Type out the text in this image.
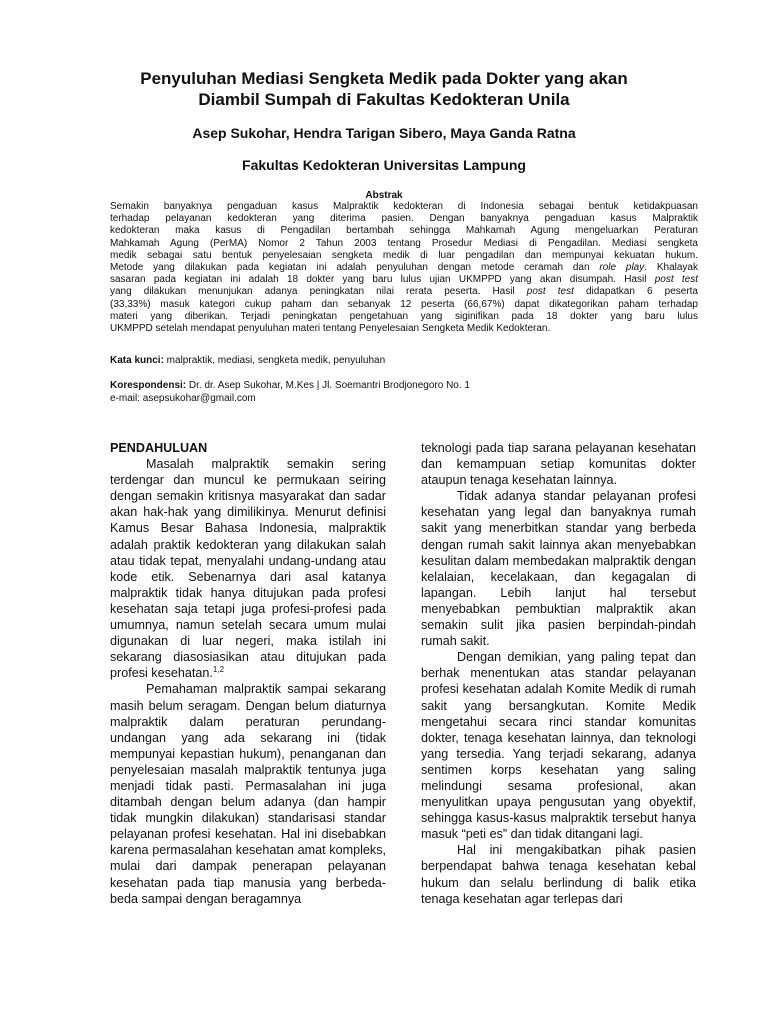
Penyuluhan Mediasi Sengketa Medik pada Dokter yang akan
Diambil Sumpah di Fakultas Kedokteran Unila
Asep Sukohar, Hendra Tarigan Sibero, Maya Ganda Ratna
Fakultas Kedokteran Universitas Lampung
Abstrak
Semakin banyaknya pengaduan kasus Malpraktik kedokteran di Indonesia sebagai bentuk ketidakpuasan
terhadap pelayanan kedokteran yang diterima pasien. Dengan banyaknya pengaduan kasus Malpraktik
kedokteran maka kasus di Pengadilan bertambah sehingga Mahkamah Agung mengeluarkan Peraturan
Mahkamah Agung (PerMA) Nomor 2 Tahun 2003 tentang Prosedur Mediasi di Pengadilan. Mediasi sengketa
medik sebagai satu bentuk penyelesaian sengketa medik di luar pengadilan dan mempunyai kekuatan hukum.
Metode yang dilakukan pada kegiatan ini adalah penyuluhan dengan metode ceramah dan role play. Khalayak
sasaran pada kegiatan ini adalah 18 dokter yang baru lulus ujian UKMPPD yang akan disumpah. Hasil post test
yang dilakukan menunjukan adanya peningkatan nilai rerata peserta. Hasil post test didapatkan 6 peserta
(33,33%) masuk kategori cukup paham dan sebanyak 12 peserta (66,67%) dapat dikategorikan paham terhadap
materi yang diberikan. Terjadi peningkatan pengetahuan yang siginifikan pada 18 dokter yang baru lulus
UKMPPD setelah mendapat penyuluhan materi tentang Penyelesaian Sengketa Medik Kedokteran.
Kata kunci: malpraktik, mediasi, sengketa medik, penyuluhan
Korespondensi: Dr. dr. Asep Sukohar, M.Kes | Jl. Soemantri Brodjonegoro No. 1
e-mail: asepsukohar@gmail.com
PENDAHULUAN

Masalah malpraktik semakin sering terdengar dan muncul ke permukaan seiring dengan semakin kritisnya masyarakat dan sadar akan hak-hak yang dimilikinya. Menurut definisi Kamus Besar Bahasa Indonesia, malpraktik adalah praktik kedokteran yang dilakukan salah atau tidak tepat, menyalahi undang-undang atau kode etik. Sebenarnya dari asal katanya malpraktik tidak hanya ditujukan pada profesi kesehatan saja tetapi juga profesi-profesi pada umumnya, namun setelah secara umum mulai digunakan di luar negeri, maka istilah ini sekarang diasosiasikan atau ditujukan pada profesi kesehatan.$^{1,2}$

Pemahaman malpraktik sampai sekarang masih belum seragam. Dengan belum diaturnya malpraktik dalam peraturan perundang-undangan yang ada sekarang ini (tidak mempunyai kepastian hukum), penanganan dan penyelesaian masalah malpraktik tentunya juga menjadi tidak pasti. Permasalahan ini juga ditambah dengan belum adanya (dan hampir tidak mungkin dilakukan) standarisasi standar pelayanan profesi kesehatan. Hal ini disebabkan karena permasalahan kesehatan amat kompleks, mulai dari dampak penerapan pelayanan kesehatan pada tiap manusia yang berbeda-beda sampai dengan beragamnya

teknologi pada tiap sarana pelayanan kesehatan dan kemampuan setiap komunitas dokter ataupun tenaga kesehatan lainnya.

Tidak adanya standar pelayanan profesi kesehatan yang legal dan banyaknya rumah sakit yang menerbitkan standar yang berbeda dengan rumah sakit lainnya akan menyebabkan kesulitan dalam membedakan malpraktik dengan kelalaian, kecelakaan, dan kegagalan di lapangan. Lebih lanjut hal tersebut menyebabkan pembuktian malpraktik akan semakin sulit jika pasien berpindah-pindah rumah sakit.

Dengan demikian, yang paling tepat dan berhak menentukan atas standar pelayanan profesi kesehatan adalah Komite Medik di rumah sakit yang bersangkutan. Komite Medik mengetahui secara rinci standar komunitas dokter, tenaga kesehatan lainnya, dan teknologi yang tersedia. Yang terjadi sekarang, adanya sentimen korps kesehatan yang saling melindungi sesama profesional, akan menyulitkan upaya pengusutan yang obyektif, sehingga kasus-kasus malpraktik tersebut hanya masuk “peti es” dan tidak ditangani lagi.

Hal ini mengakibatkan pihak pasien berpendapat bahwa tenaga kesehatan kebal hukum dan selalu berlindung di balik etika tenaga kesehatan agar terlepas dari
